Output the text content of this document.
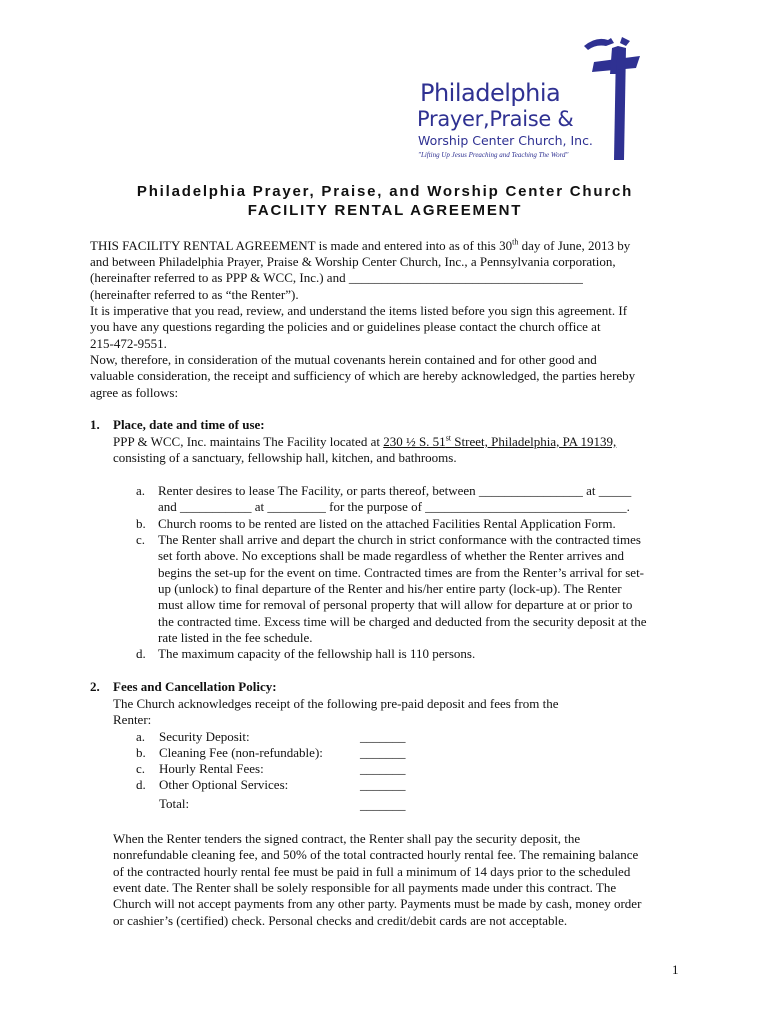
Philadelphia
Prayer,Praise &
Worship Center Church, Inc.
"Lifting Up Jesus Preaching and Teaching The Word"
Philadelphia Prayer, Praise, and Worship Center Church
FACILITY RENTAL AGREEMENT
THIS FACILITY RENTAL AGREEMENT is made and entered into as of this 30th day of June, 2013 by
and between Philadelphia Prayer, Praise & Worship Center Church, Inc., a Pennsylvania corporation,
(hereinafter referred to as PPP & WCC, Inc.) and ____________________________________
(hereinafter referred to as “the Renter”).
It is imperative that you read, review, and understand the items listed before you sign this agreement. If
you have any questions regarding the policies and or guidelines please contact the church office at
215-472-9551.
Now, therefore, in consideration of the mutual covenants herein contained and for other good and
valuable consideration, the receipt and sufficiency of which are hereby acknowledged, the parties hereby
agree as follows:
1. Place, date and time of use:
PPP & WCC, Inc. maintains The Facility located at 230 ½ S. 51st Street, Philadelphia, PA 19139,
consisting of a sanctuary, fellowship hall, kitchen, and bathrooms.
a. Renter desires to lease The Facility, or parts thereof, between ________________ at _____
and ___________ at _________ for the purpose of _______________________________.
b. Church rooms to be rented are listed on the attached Facilities Rental Application Form.
c. The Renter shall arrive and depart the church in strict conformance with the contracted times
set forth above. No exceptions shall be made regardless of whether the Renter arrives and
begins the set-up for the event on time. Contracted times are from the Renter’s arrival for set-
up (unlock) to final departure of the Renter and his/her entire party (lock-up). The Renter
must allow time for removal of personal property that will allow for departure at or prior to
the contracted time. Excess time will be charged and deducted from the security deposit at the
rate listed in the fee schedule.
d. The maximum capacity of the fellowship hall is 110 persons.
2. Fees and Cancellation Policy:
The Church acknowledges receipt of the following pre-paid deposit and fees from the
Renter:
a. Security Deposit:	_______
b. Cleaning Fee (non-refundable):	_______
c. Hourly Rental Fees:	_______
d. Other Optional Services:	_______
Total:	_______
When the Renter tenders the signed contract, the Renter shall pay the security deposit, the
nonrefundable cleaning fee, and 50% of the total contracted hourly rental fee. The remaining balance
of the contracted hourly rental fee must be paid in full a minimum of 14 days prior to the scheduled
event date. The Renter shall be solely responsible for all payments made under this contract. The
Church will not accept payments from any other party. Payments must be made by cash, money order
or cashier’s (certified) check. Personal checks and credit/debit cards are not acceptable.
1
